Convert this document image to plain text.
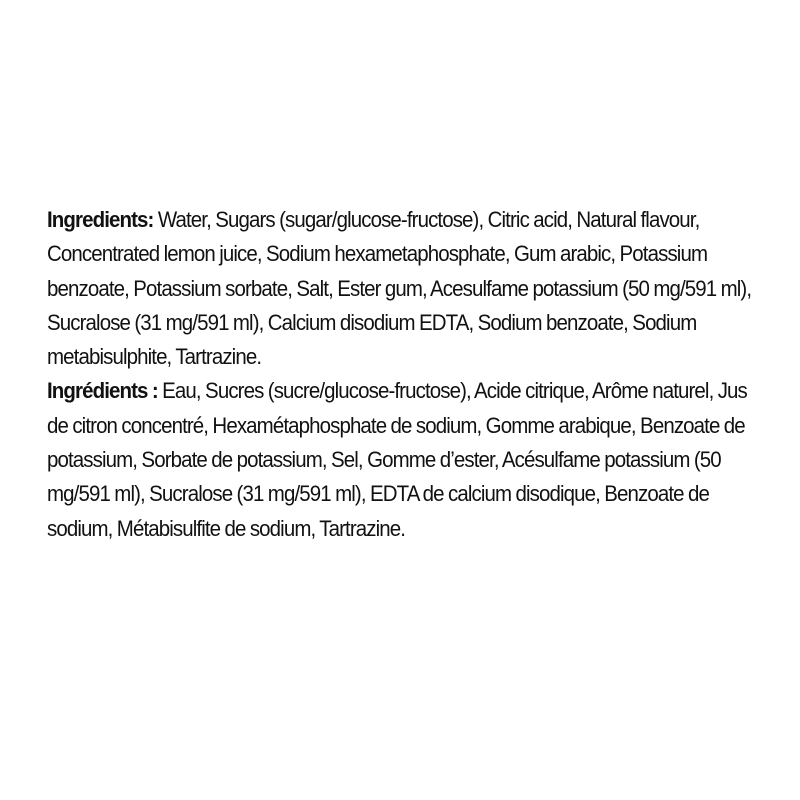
Ingredients: Water, Sugars (sugar/glucose-fructose), Citric acid, Natural flavour, Concentrated lemon juice, Sodium hexametaphosphate, Gum arabic, Potassium benzoate, Potassium sorbate, Salt, Ester gum, Acesulfame potassium (50 mg/591 ml), Sucralose (31 mg/591 ml), Calcium disodium EDTA, Sodium benzoate, Sodium metabisulphite, Tartrazine.

Ingrédients : Eau, Sucres (sucre/glucose-fructose), Acide citrique, Arôme naturel, Jus de citron concentré, Hexamétaphosphate de sodium, Gomme arabique, Benzoate de potassium, Sorbate de potassium, Sel, Gomme d’ester, Acésulfame potassium (50 mg/591 ml), Sucralose (31 mg/591 ml), EDTA de calcium disodique, Benzoate de sodium, Métabisulfite de sodium, Tartrazine.
